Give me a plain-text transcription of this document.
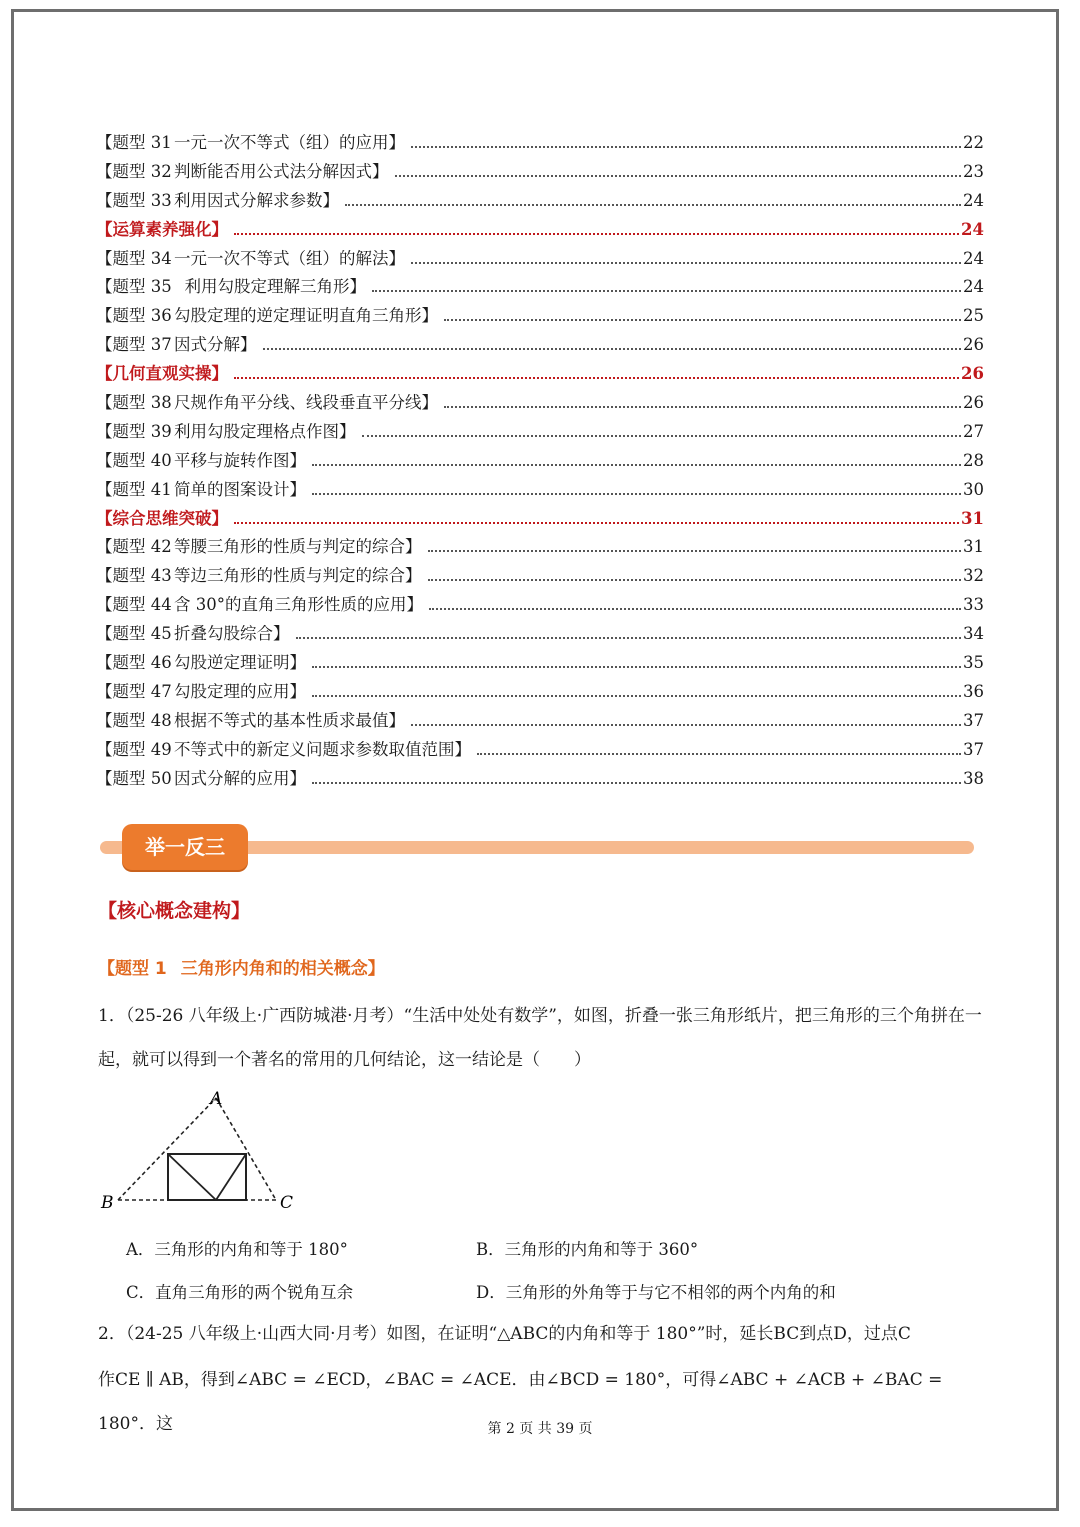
【题型 31 一元一次不等式（组）的应用】	22
【题型 32 判断能否用公式法分解因式】	23
【题型 33 利用因式分解求参数】	24
【运算素养强化】	24
【题型 34 一元一次不等式（组）的解法】	24
【题型 35  利用勾股定理解三角形】	24
【题型 36 勾股定理的逆定理证明直角三角形】	25
【题型 37 因式分解】	26
【几何直观实操】	26
【题型 38 尺规作角平分线、线段垂直平分线】	26
【题型 39 利用勾股定理格点作图】	27
【题型 40 平移与旋转作图】	28
【题型 41 简单的图案设计】	30
【综合思维突破】	31
【题型 42 等腰三角形的性质与判定的综合】	31
【题型 43 等边三角形的性质与判定的综合】	32
【题型 44 含 30°的直角三角形性质的应用】	33
【题型 45 折叠勾股综合】	34
【题型 46 勾股逆定理证明】	35
【题型 47 勾股定理的应用】	36
【题型 48 根据不等式的基本性质求最值】	37
【题型 49 不等式中的新定义问题求参数取值范围】	37
【题型 50 因式分解的应用】	38
举一反三
【核心概念建构】
【题型 1 三角形内角和的相关概念】
1．（25-26 八年级上·广西防城港·月考）“生活中处处有数学”，如图，折叠一张三角形纸片，把三角形的三个角拼在一起，就可以得到一个著名的常用的几何结论，这一结论是（　　）
A
B	C
A．三角形的内角和等于 180°	B．三角形的内角和等于 360°
C．直角三角形的两个锐角互余	D．三角形的外角等于与它不相邻的两个内角的和
2．（24-25 八年级上·山西大同·月考）如图，在证明“△ABC的内角和等于 180°”时，延长BC到点D，过点C
作CE ∥ AB，得到∠ABC = ∠ECD，∠BAC = ∠ACE．由∠BCD = 180°，可得∠ABC + ∠ACB + ∠BAC = 180°．这	第 2 页 共 39 页
